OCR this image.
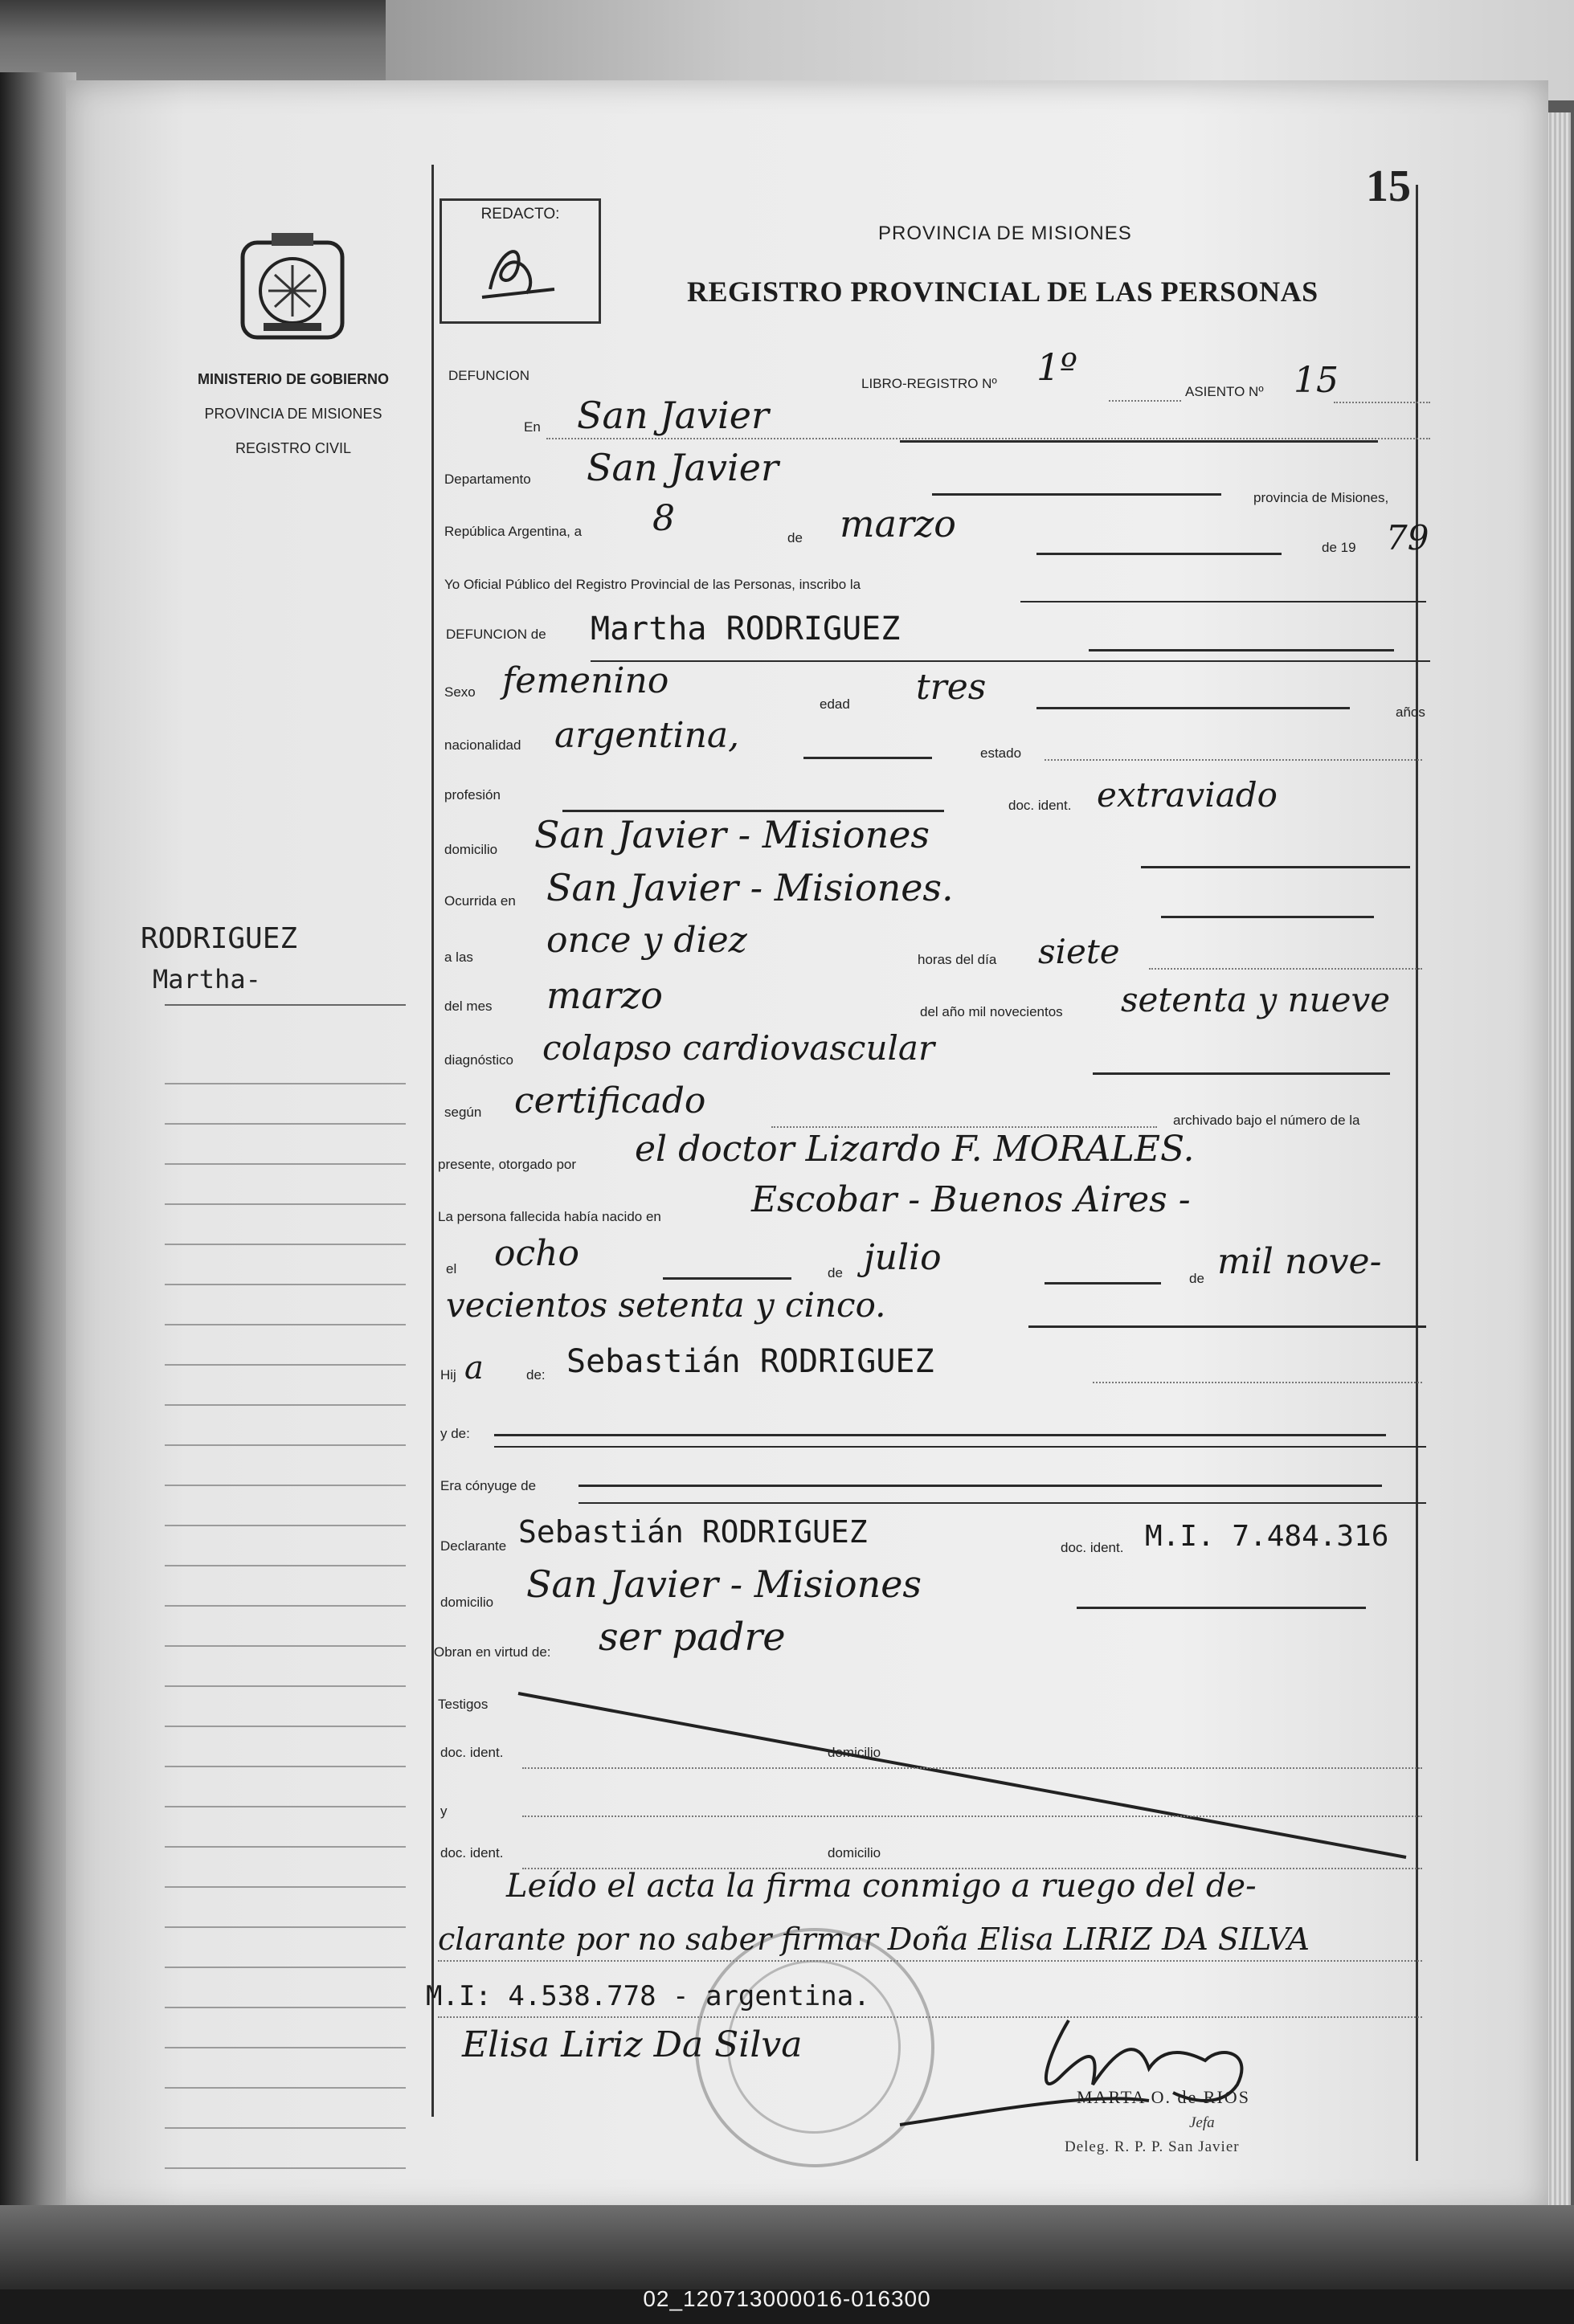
15
REDACTO:
PROVINCIA DE MISIONES
REGISTRO PROVINCIAL DE LAS PERSONAS
MINISTERIO DE GOBIERNO
PROVINCIA DE MISIONES
REGISTRO CIVIL
RODRIGUEZ
Martha-
DEFUNCION
LIBRO-REGISTRO Nº 1º
ASIENTO Nº 15
En San Javier
Departamento San Javier
provincia de Misiones,
República Argentina, a 8	de marzo
de 19 79
Yo Oficial Público del Registro Provincial de las Personas, inscribo la
DEFUNCION de Martha RODRIGUEZ
Sexo femenino
edad tres
años
nacionalidad argentina,	estado
profesión
doc. ident. extraviado
domicilio San Javier - Misiones
Ocurrida en San Javier - Misiones.
a las once y diez	horas del día siete
del mes marzo	del año mil novecientos setenta y nueve
diagnóstico colapso cardiovascular
según certificado	archivado bajo el número de la
presente, otorgado por el doctor Lizardo F. MORALES.
La persona fallecida había nacido en	Escobar - Buenos Aires -
el ocho	de julio
de mil nove-
vecientos setenta y cinco.
Hij a	de: Sebastián RODRIGUEZ
y de:
Era cónyuge de
Declarante Sebastián RODRIGUEZ	doc. ident. M.I. 7.484.316
domicilio San Javier - Misiones
Obran en virtud de: ser padre
Testigos
doc. ident.	domicilio
y
doc. ident.	domicilio
Leído el acta la firma conmigo a ruego del de-
clarante por no saber firmar Doña Elisa LIRIZ DA SILVA
M.I: 4.538.778 - argentina.
Elisa Liriz Da Silva
MARTA O. de RIOS
Jefa
Deleg. R. P. P. San Javier
02_120713000016-016300
